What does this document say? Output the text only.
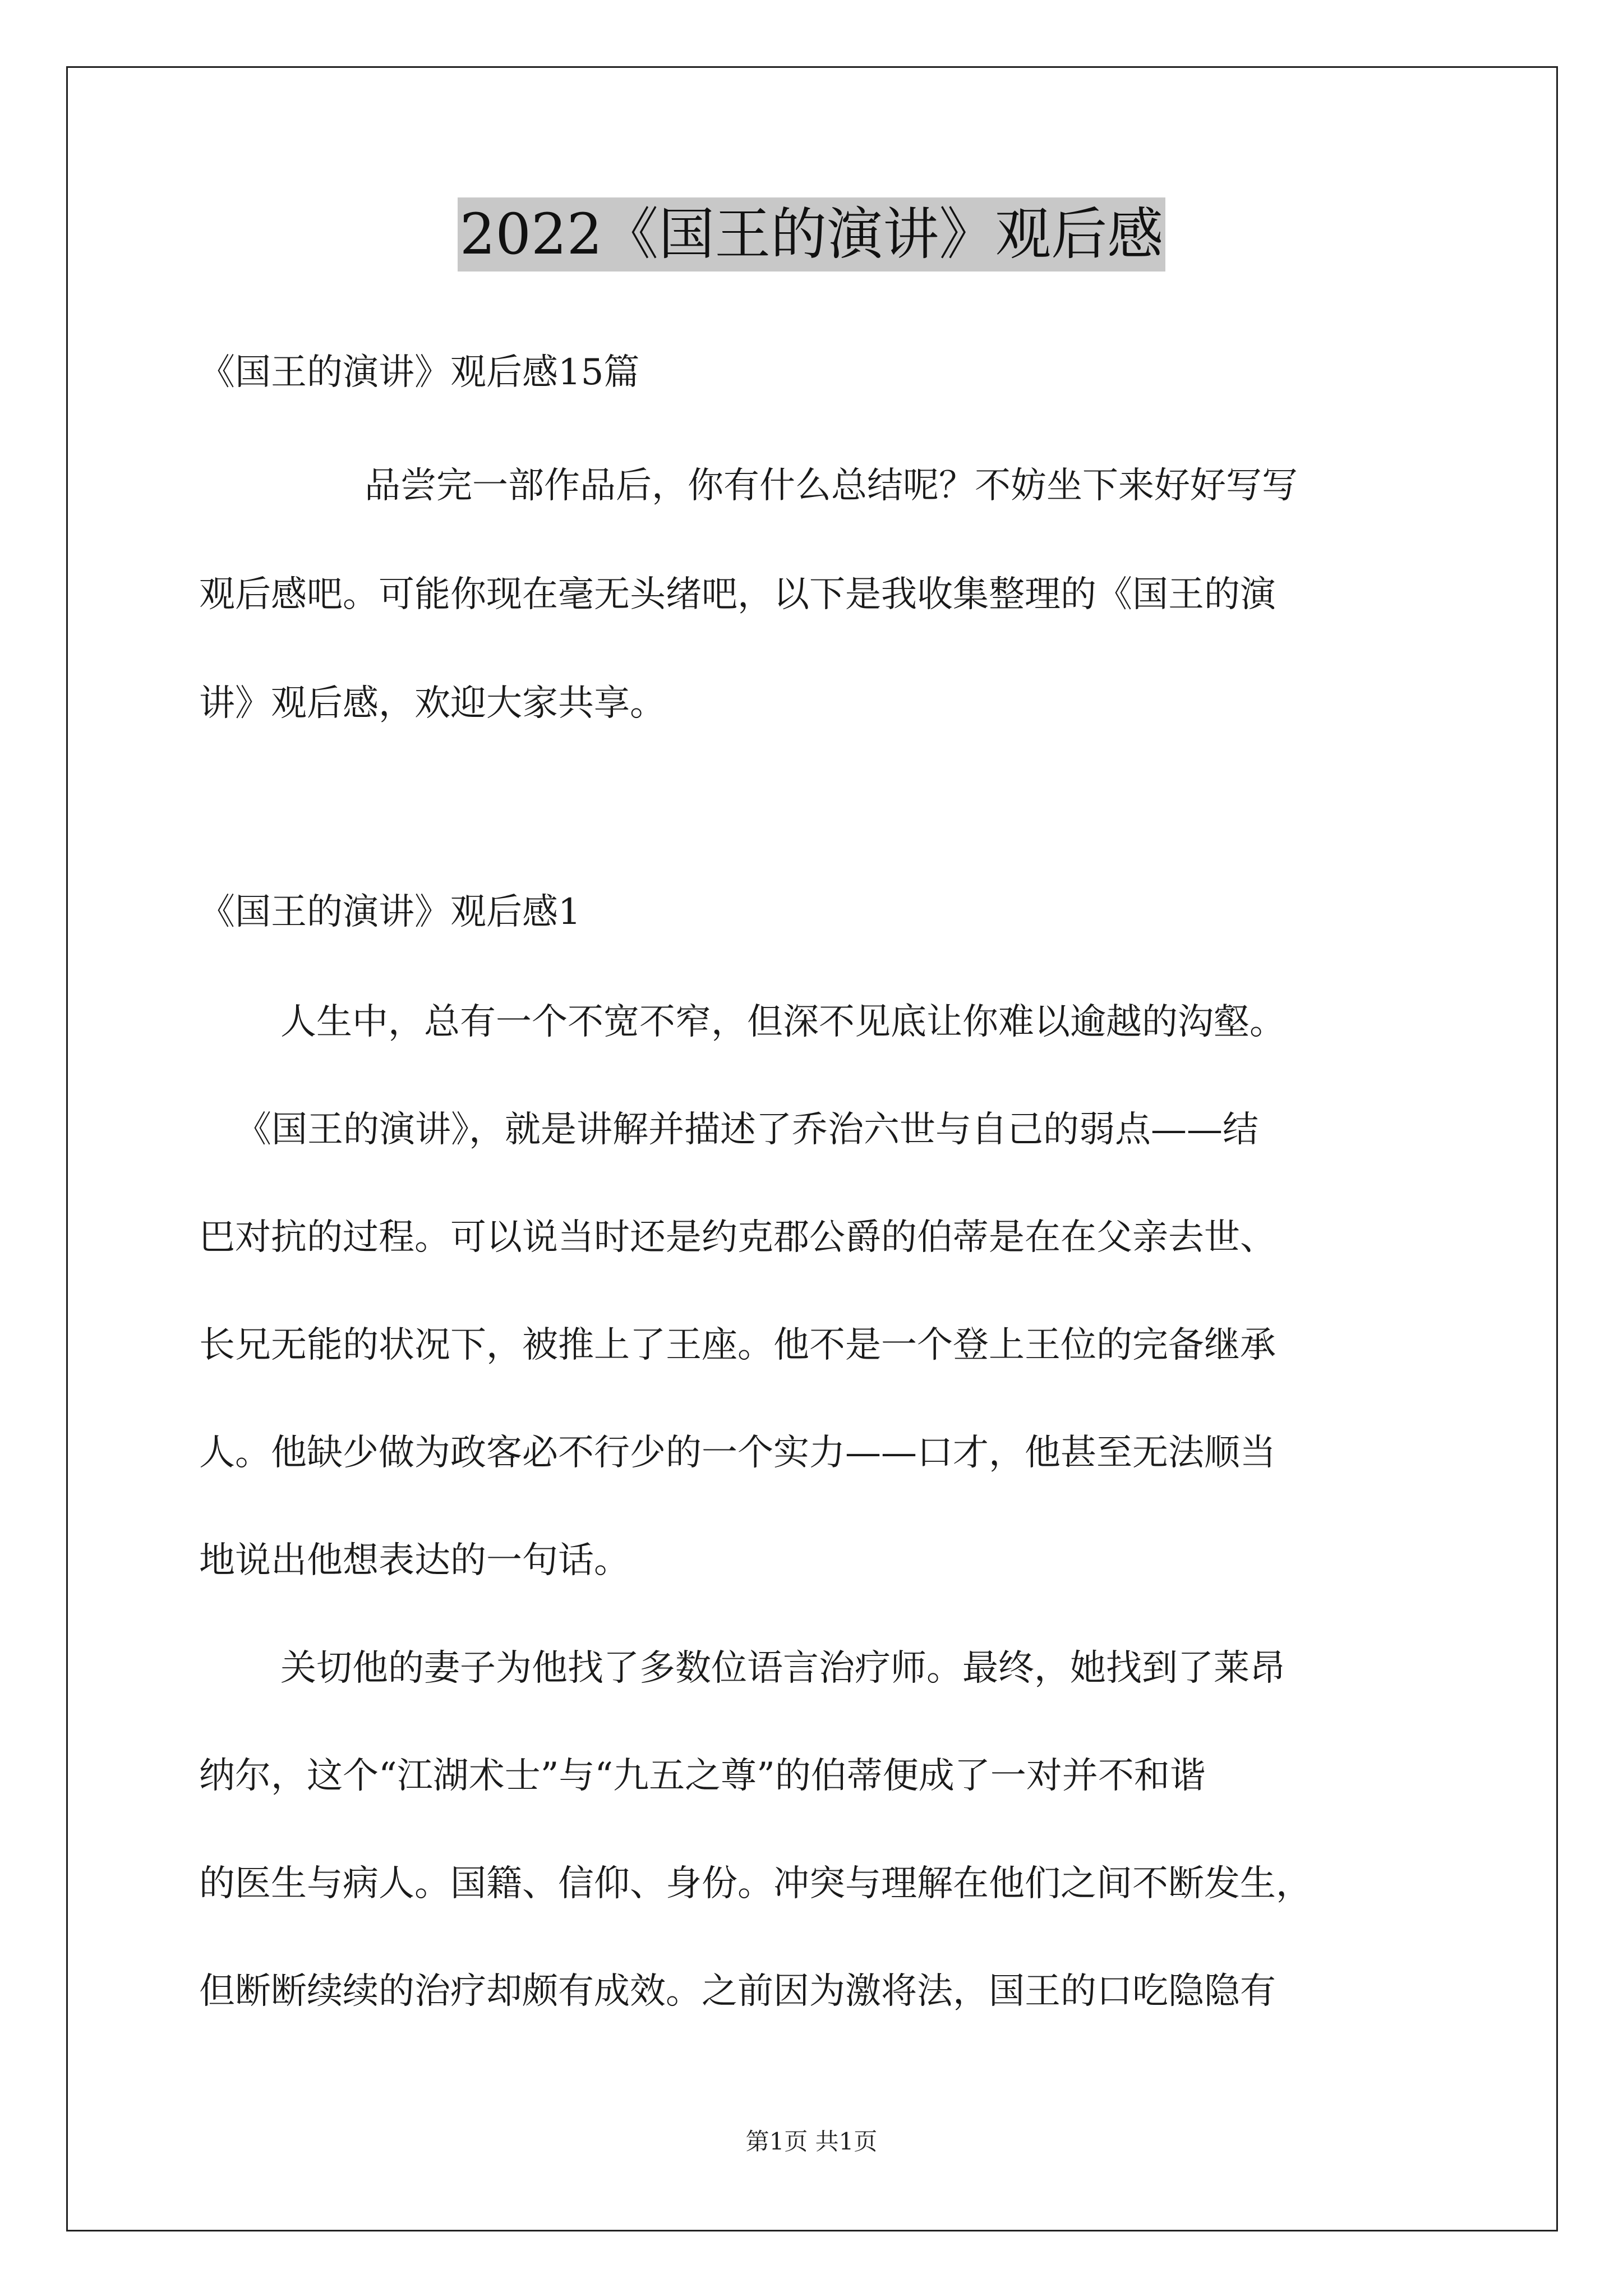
2022《国王的演讲》观后感
《国王的演讲》观后感15篇
品尝完一部作品后，你有什么总结呢？不妨坐下来好好写写
观后感吧。可能你现在毫无头绪吧，以下是我收集整理的《国王的演
讲》观后感，欢迎大家共享。
《国王的演讲》观后感1
人生中，总有一个不宽不窄，但深不见底让你难以逾越的沟壑。
《国王的演讲》，就是讲解并描述了乔治六世与自己的弱点——结
巴对抗的过程。可以说当时还是约克郡公爵的伯蒂是在在父亲去世、
长兄无能的状况下，被推上了王座。他不是一个登上王位的完备继承
人。他缺少做为政客必不行少的一个实力——口才，他甚至无法顺当
地说出他想表达的一句话。
关切他的妻子为他找了多数位语言治疗师。最终，她找到了莱昂
纳尔，这个“江湖术士”与“九五之尊”的伯蒂便成了一对并不和谐
的医生与病人。国籍、信仰、身份。冲突与理解在他们之间不断发生，
但断断续续的治疗却颇有成效。之前因为激将法，国王的口吃隐隐有
第1页 共1页
